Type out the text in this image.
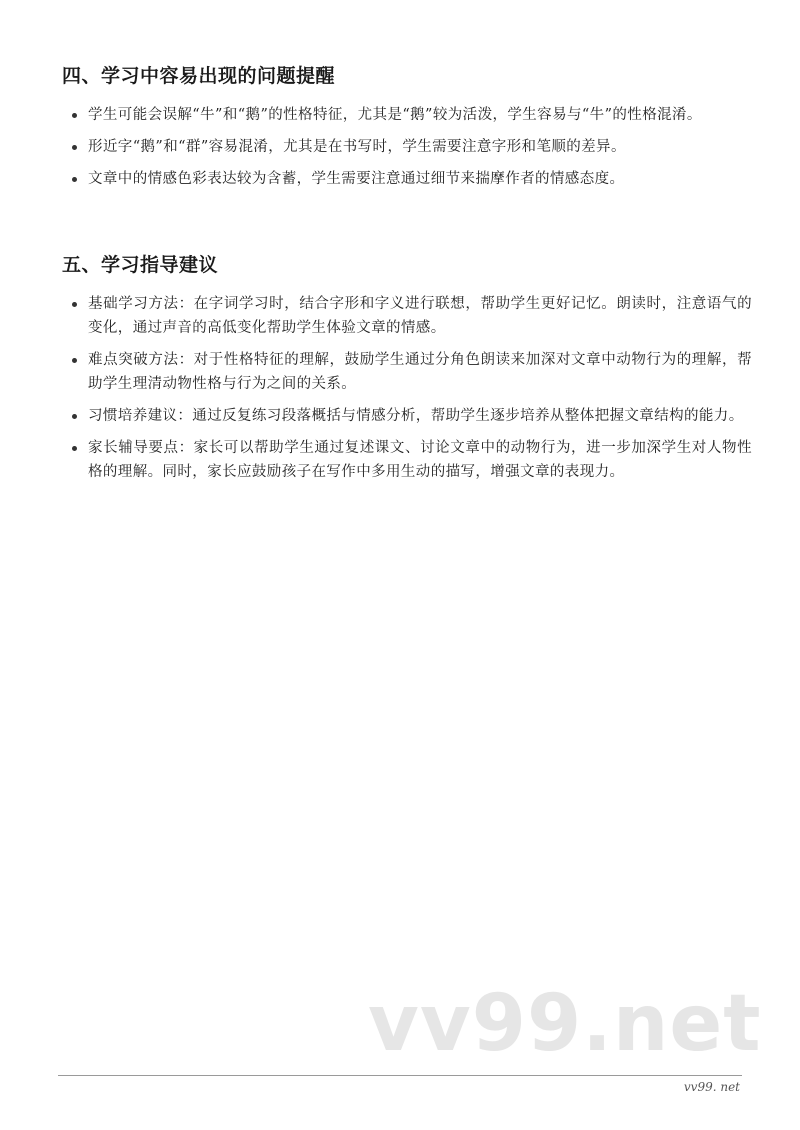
四、学习中容易出现的问题提醒
学生可能会误解“牛”和“鹅”的性格特征，尤其是“鹅”较为活泼，学生容易与“牛”的性格混淆。
形近字“鹅”和“群”容易混淆，尤其是在书写时，学生需要注意字形和笔顺的差异。
文章中的情感色彩表达较为含蓄，学生需要注意通过细节来揣摩作者的情感态度。
五、学习指导建议
基础学习方法：在字词学习时，结合字形和字义进行联想，帮助学生更好记忆。朗读时，注意语气的变化，通过声音的高低变化帮助学生体验文章的情感。
难点突破方法：对于性格特征的理解，鼓励学生通过分角色朗读来加深对文章中动物行为的理解，帮助学生理清动物性格与行为之间的关系。
习惯培养建议：通过反复练习段落概括与情感分析，帮助学生逐步培养从整体把握文章结构的能力。
家长辅导要点：家长可以帮助学生通过复述课文、讨论文章中的动物行为，进一步加深学生对人物性格的理解。同时，家长应鼓励孩子在写作中多用生动的描写，增强文章的表现力。
vv99.net
vv99. net
